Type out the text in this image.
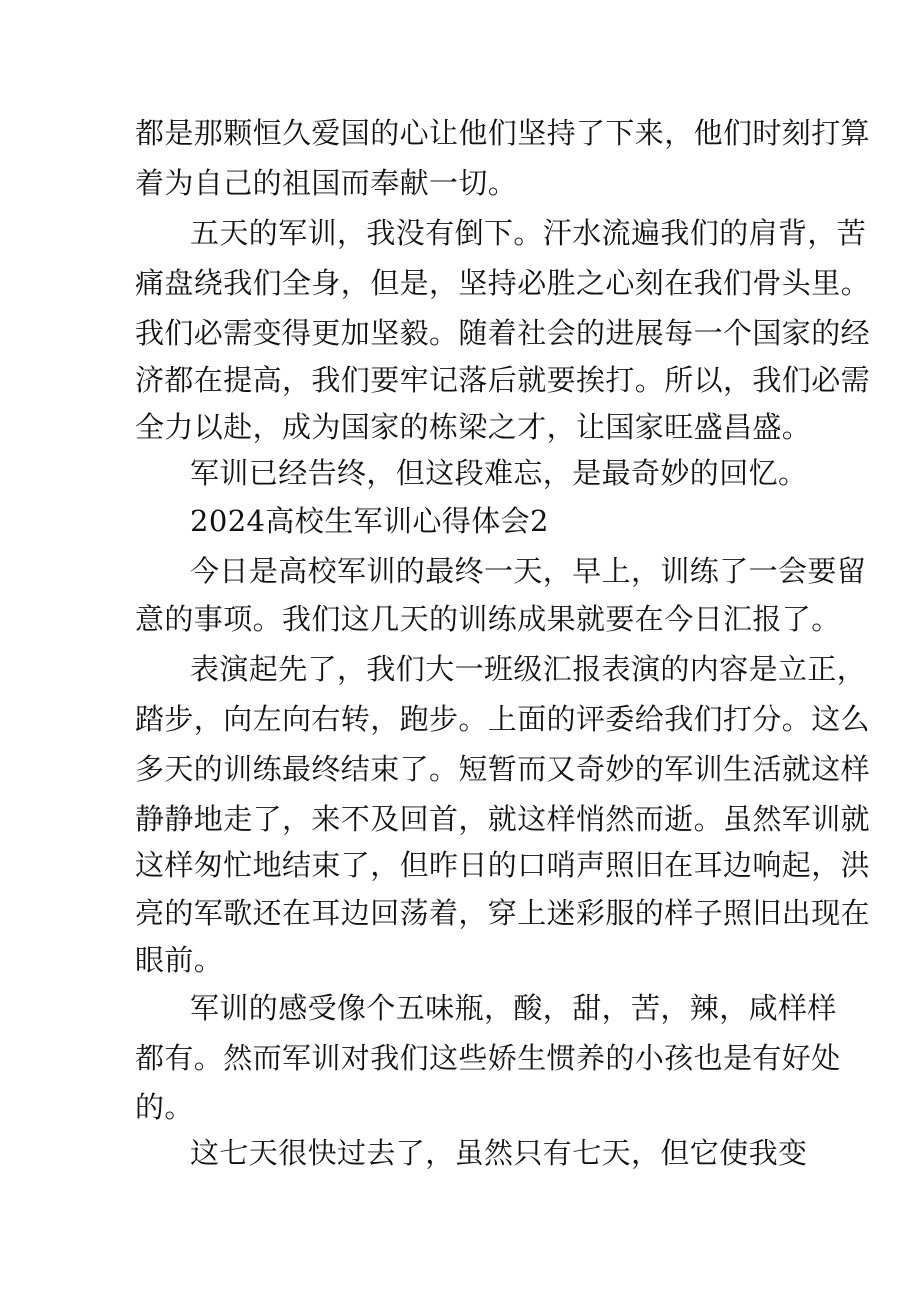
都是那颗恒久爱国的心让他们坚持了下来，他们时刻打算
着为自己的祖国而奉献一切。
五天的军训，我没有倒下。汗水流遍我们的肩背，苦
痛盘绕我们全身，但是，坚持必胜之心刻在我们骨头里。
我们必需变得更加坚毅。随着社会的进展每一个国家的经
济都在提高，我们要牢记落后就要挨打。所以，我们必需
全力以赴，成为国家的栋梁之才，让国家旺盛昌盛。
军训已经告终，但这段难忘，是最奇妙的回忆。
2024高校生军训心得体会2
今日是高校军训的最终一天，早上，训练了一会要留
意的事项。我们这几天的训练成果就要在今日汇报了。
表演起先了，我们大一班级汇报表演的内容是立正，
踏步，向左向右转，跑步。上面的评委给我们打分。这么
多天的训练最终结束了。短暂而又奇妙的军训生活就这样
静静地走了，来不及回首，就这样悄然而逝。虽然军训就
这样匆忙地结束了，但昨日的口哨声照旧在耳边响起，洪
亮的军歌还在耳边回荡着，穿上迷彩服的样子照旧出现在
眼前。
军训的感受像个五味瓶，酸，甜，苦，辣，咸样样
都有。然而军训对我们这些娇生惯养的小孩也是有好处
的。
这七天很快过去了，虽然只有七天，但它使我变
